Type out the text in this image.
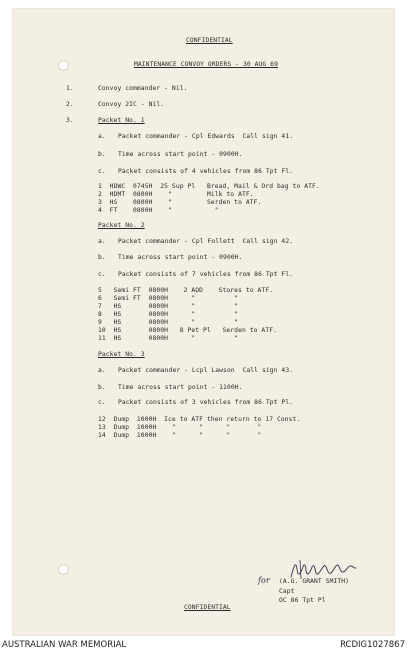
CONFIDENTIAL
MAINTENANCE CONVOY ORDERS - 30 AUG 69
1.	Convoy commander - Nil.
2.	Convoy 2IC - Nil.
3.	Packet No. 1
a. Packet commander - Cpl Edwards  Call sign 41.
b. Time across start point - 0900H.
c. Packet consists of 4 vehicles from 86 Tpt Fl.
1  HDWC  0745H  25 Sup Pl   Bread, Mail & Ord bag to ATF.
2  HDMT  0800H    "         Milk to ATF.
3  HS    0800H    "         Serden to ATF.
4  FT    0800H    "           "
Packet No. 2
a. Packet commander - Cpl Follett  Call sign 42.
b. Time across start point - 0900H.
c. Packet consists of 7 vehicles from 86 Tpt Fl.
5   Semi FT  0800H    2 AOD    Stores to ATF.
6   Semi FT  0800H      "          "
7   HS       0800H      "          "
8   HS       0800H      "          "
9   HS       0800H      "          "
10  HS       0800H   8 Pet Pl   Serden to ATF.
11  HS       0800H      "          "
Packet No. 3
a. Packet commander - Lcpl Lawson  Call sign 43.
b. Time across start point - 1100H.
c. Packet consists of 3 vehicles from 86 Tpt Pl.
12  Dump  1000H  Ice to ATF then return to 17 Const.
13  Dump  1000H    "      "      "       "
14  Dump  1000H    "      "      "       "
for (A.G. GRANT SMITH)
Capt
OC 86 Tpt Pl
CONFIDENTIAL
AUSTRALIAN WAR MEMORIAL	RCDIG1027867
